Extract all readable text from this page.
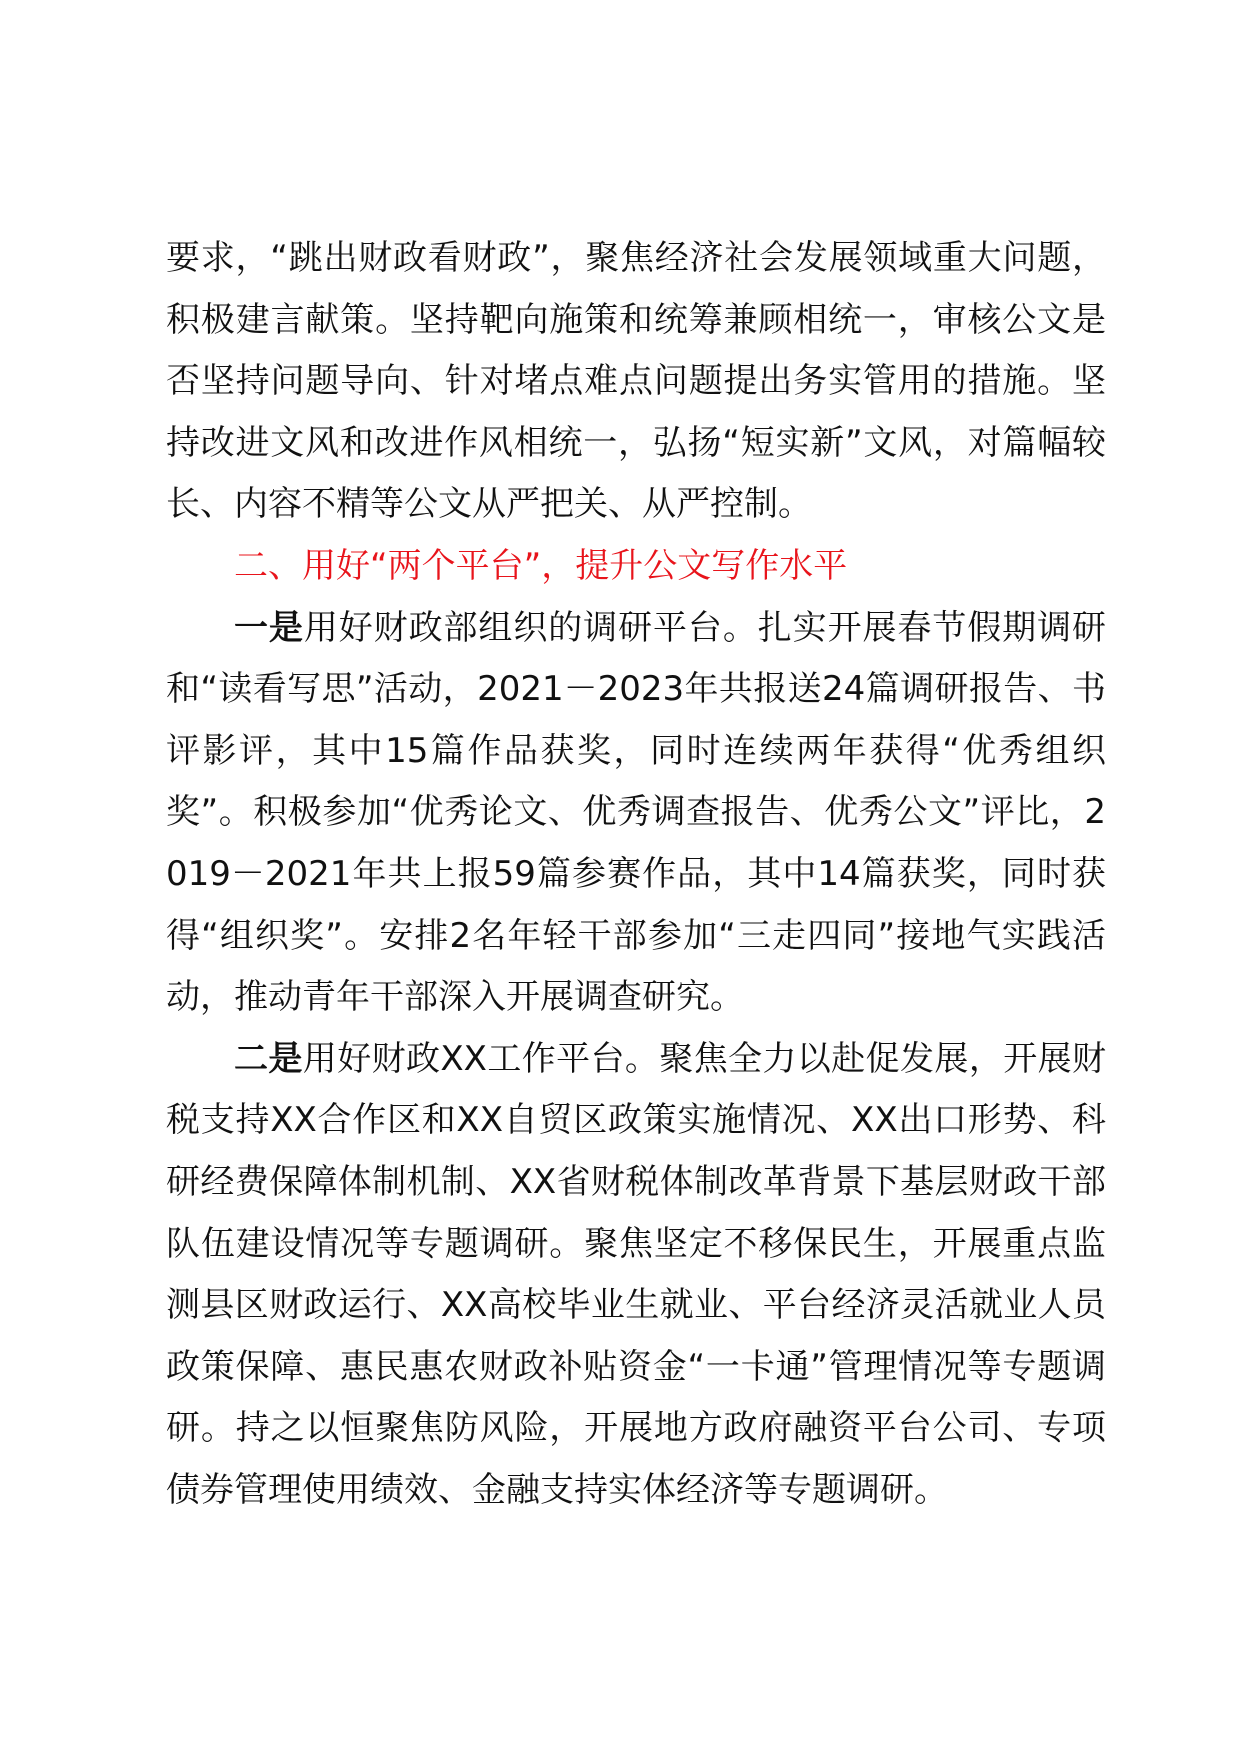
要求，“跳出财政看财政”，聚焦经济社会发展领域重大问题，积极建言献策。坚持靶向施策和统筹兼顾相统一，审核公文是否坚持问题导向、针对堵点难点问题提出务实管用的措施。坚持改进文风和改进作风相统一，弘扬“短实新”文风，对篇幅较长、内容不精等公文从严把关、从严控制。

二、用好“两个平台”，提升公文写作水平

一是用好财政部组织的调研平台。扎实开展春节假期调研和“读看写思”活动，2021－2023年共报送24篇调研报告、书评影评，其中15篇作品获奖，同时连续两年获得“优秀组织奖”。积极参加“优秀论文、优秀调查报告、优秀公文”评比，2019－2021年共上报59篇参赛作品，其中14篇获奖，同时获得“组织奖”。安排2名年轻干部参加“三走四同”接地气实践活动，推动青年干部深入开展调查研究。

二是用好财政XX工作平台。聚焦全力以赴促发展，开展财税支持XX合作区和XX自贸区政策实施情况、XX出口形势、科研经费保障体制机制、XX省财税体制改革背景下基层财政干部队伍建设情况等专题调研。聚焦坚定不移保民生，开展重点监测县区财政运行、XX高校毕业生就业、平台经济灵活就业人员政策保障、惠民惠农财政补贴资金“一卡通”管理情况等专题调研。持之以恒聚焦防风险，开展地方政府融资平台公司、专项债券管理使用绩效、金融支持实体经济等专题调研。
